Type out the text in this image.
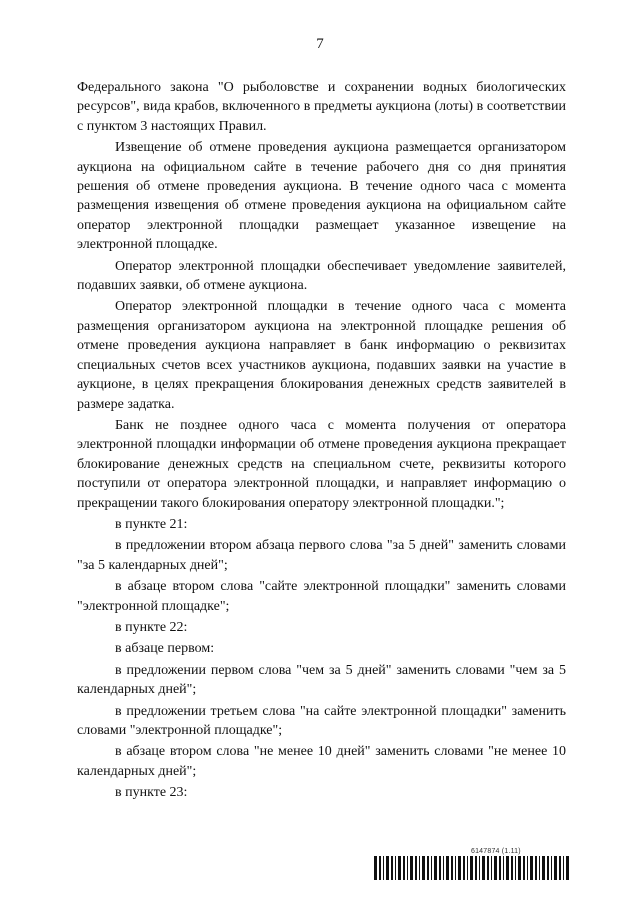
7

Федерального закона "О рыболовстве и сохранении водных биологических ресурсов", вида крабов, включенного в предметы аукциона (лоты) в соответствии с пунктом 3 настоящих Правил.

Извещение об отмене проведения аукциона размещается организатором аукциона на официальном сайте в течение рабочего дня со дня принятия решения об отмене проведения аукциона. В течение одного часа с момента размещения извещения об отмене проведения аукциона на официальном сайте оператор электронной площадки размещает указанное извещение на электронной площадке.

Оператор электронной площадки обеспечивает уведомление заявителей, подавших заявки, об отмене аукциона.

Оператор электронной площадки в течение одного часа с момента размещения организатором аукциона на электронной площадке решения об отмене проведения аукциона направляет в банк информацию о реквизитах специальных счетов всех участников аукциона, подавших заявки на участие в аукционе, в целях прекращения блокирования денежных средств заявителей в размере задатка.

Банк не позднее одного часа с момента получения от оператора электронной площадки информации об отмене проведения аукциона прекращает блокирование денежных средств на специальном счете, реквизиты которого поступили от оператора электронной площадки, и направляет информацию о прекращении такого блокирования оператору электронной площадки.";

в пункте 21:

в предложении втором абзаца первого слова "за 5 дней" заменить словами "за 5 календарных дней";

в абзаце втором слова "сайте электронной площадки" заменить словами "электронной площадке";

в пункте 22:

в абзаце первом:

в предложении первом слова "чем за 5 дней" заменить словами "чем за 5 календарных дней";

в предложении третьем слова "на сайте электронной площадки" заменить словами "электронной площадке";

в абзаце втором слова "не менее 10 дней" заменить словами "не менее 10 календарных дней";

в пункте 23:

6147874 (1.11)
